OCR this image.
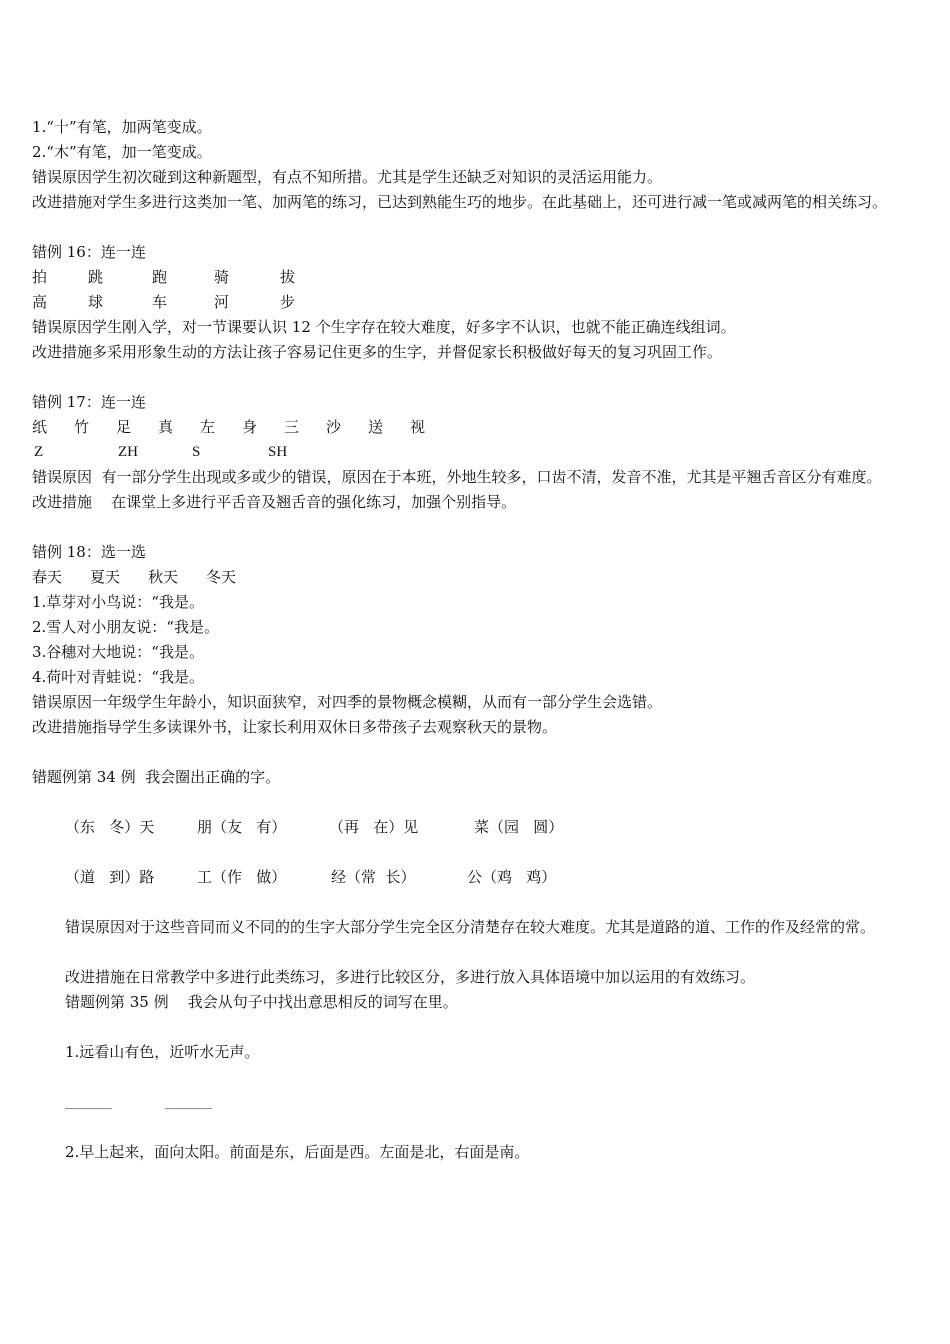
1.“十”有笔，加两笔变成。
2.“木”有笔，加一笔变成。
错误原因学生初次碰到这种新题型，有点不知所措。尤其是学生还缺乏对知识的灵活运用能力。
改进措施对学生多进行这类加一笔、加两笔的练习，已达到熟能生巧的地步。在此基础上，还可进行减一笔或减两笔的相关练习。
错例 16：连一连
拍	跳	跑	骑	拔
高	球	车	河	步
错误原因学生刚入学，对一节课要认识 12 个生字存在较大难度，好多字不认识，也就不能正确连线组词。
改进措施多采用形象生动的方法让孩子容易记住更多的生字，并督促家长积极做好每天的复习巩固工作。
错例 17：连一连
纸	竹	足	真	左	身	三	沙	送	视
Z	ZH	S	SH
错误原因  有一部分学生出现或多或少的错误，原因在于本班，外地生较多，口齿不清，发音不准，尤其是平翘舌音区分有难度。
改进措施    在课堂上多进行平舌音及翘舌音的强化练习，加强个别指导。
错例 18：选一选
春天	夏天	秋天	冬天
1.草芽对小鸟说：“我是。
2.雪人对小朋友说：“我是。
3.谷穗对大地说：“我是。
4.荷叶对青蛙说：“我是。
错误原因一年级学生年龄小，知识面狭窄，对四季的景物概念模糊，从而有一部分学生会选错。
改进措施指导学生多读课外书，让家长利用双休日多带孩子去观察秋天的景物。
错题例第 34 例  我会圈出正确的字。
（东   冬）天	朋（友   有）	（再   在）见	菜（园   圆）
（道   到）路	工（作   做）	经（常  长）	公（鸡   鸡）
错误原因对于这些音同而义不同的的生字大部分学生完全区分清楚存在较大难度。尤其是道路的道、工作的作及经常的常。
改进措施在日常教学中多进行此类练习，多进行比较区分，多进行放入具体语境中加以运用的有效练习。
错题例第 35 例    我会从句子中找出意思相反的词写在里。
1.远看山有色，近听水无声。
______	______
2.早上起来，面向太阳。前面是东，后面是西。左面是北，右面是南。
